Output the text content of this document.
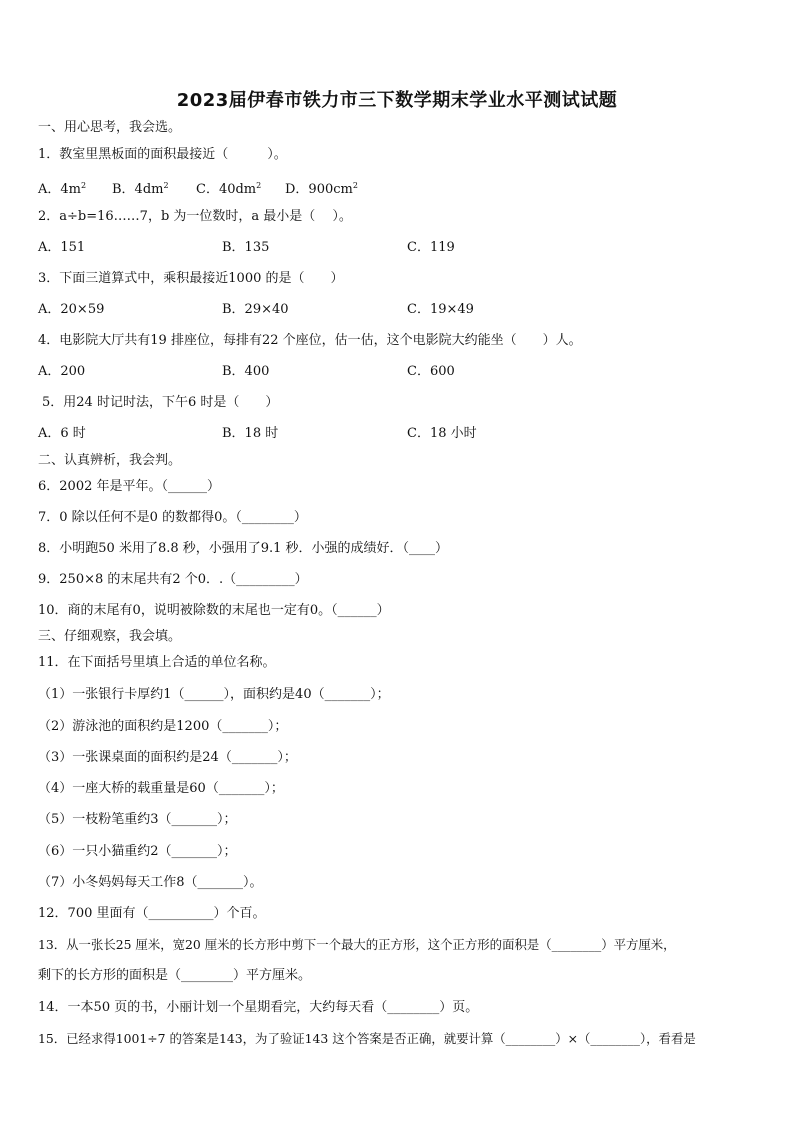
2023届伊春市铁力市三下数学期末学业水平测试试题
一、用心思考，我会选。
1．教室里黑板面的面积最接近（　　　）。
A．$4m^2$ B．$4dm^2$ C．$40dm^2$ D．$900cm^2$
2．a÷b=16……7，b 为一位数时，a 最小是（　 ）。
A．151	B．135	C．119
3．下面三道算式中，乘积最接近1000 的是（　　）
A．20×59	B．29×40	C．19×49
4．电影院大厅共有19 排座位，每排有22 个座位，估一估，这个电影院大约能坐（　　）人。
A．200	B．400	C．600
5．用24 时记时法，下午6 时是（　　）
A．6 时	B．18 时	C．18 小时
二、认真辨析，我会判。
6．2002 年是平年。（______）
7．0 除以任何不是0 的数都得0。（________）
8．小明跑50 米用了8.8 秒，小强用了9.1 秒．小强的成绩好．（____）
9．250×8 的末尾共有2 个0．.（_________）
10．商的末尾有0，说明被除数的末尾也一定有0。（______）
三、仔细观察，我会填。
11．在下面括号里填上合适的单位名称。
（1）一张银行卡厚约1（______），面积约是40（_______）；
（2）游泳池的面积约是1200（_______）；
（3）一张课桌面的面积约是24（_______）；
（4）一座大桥的载重量是60（_______）；
（5）一枝粉笔重约3（_______）；
（6）一只小猫重约2（_______）；
（7）小冬妈妈每天工作8（_______）。
12．700 里面有（__________）个百。
13．从一张长25 厘米，宽20 厘米的长方形中剪下一个最大的正方形，这个正方形的面积是（________）平方厘米，
剩下的长方形的面积是（________）平方厘米。
14．一本50 页的书，小丽计划一个星期看完，大约每天看（________）页。
15．已经求得1001÷7 的答案是143，为了验证143 这个答案是否正确，就要计算（________）×（________），看看是
